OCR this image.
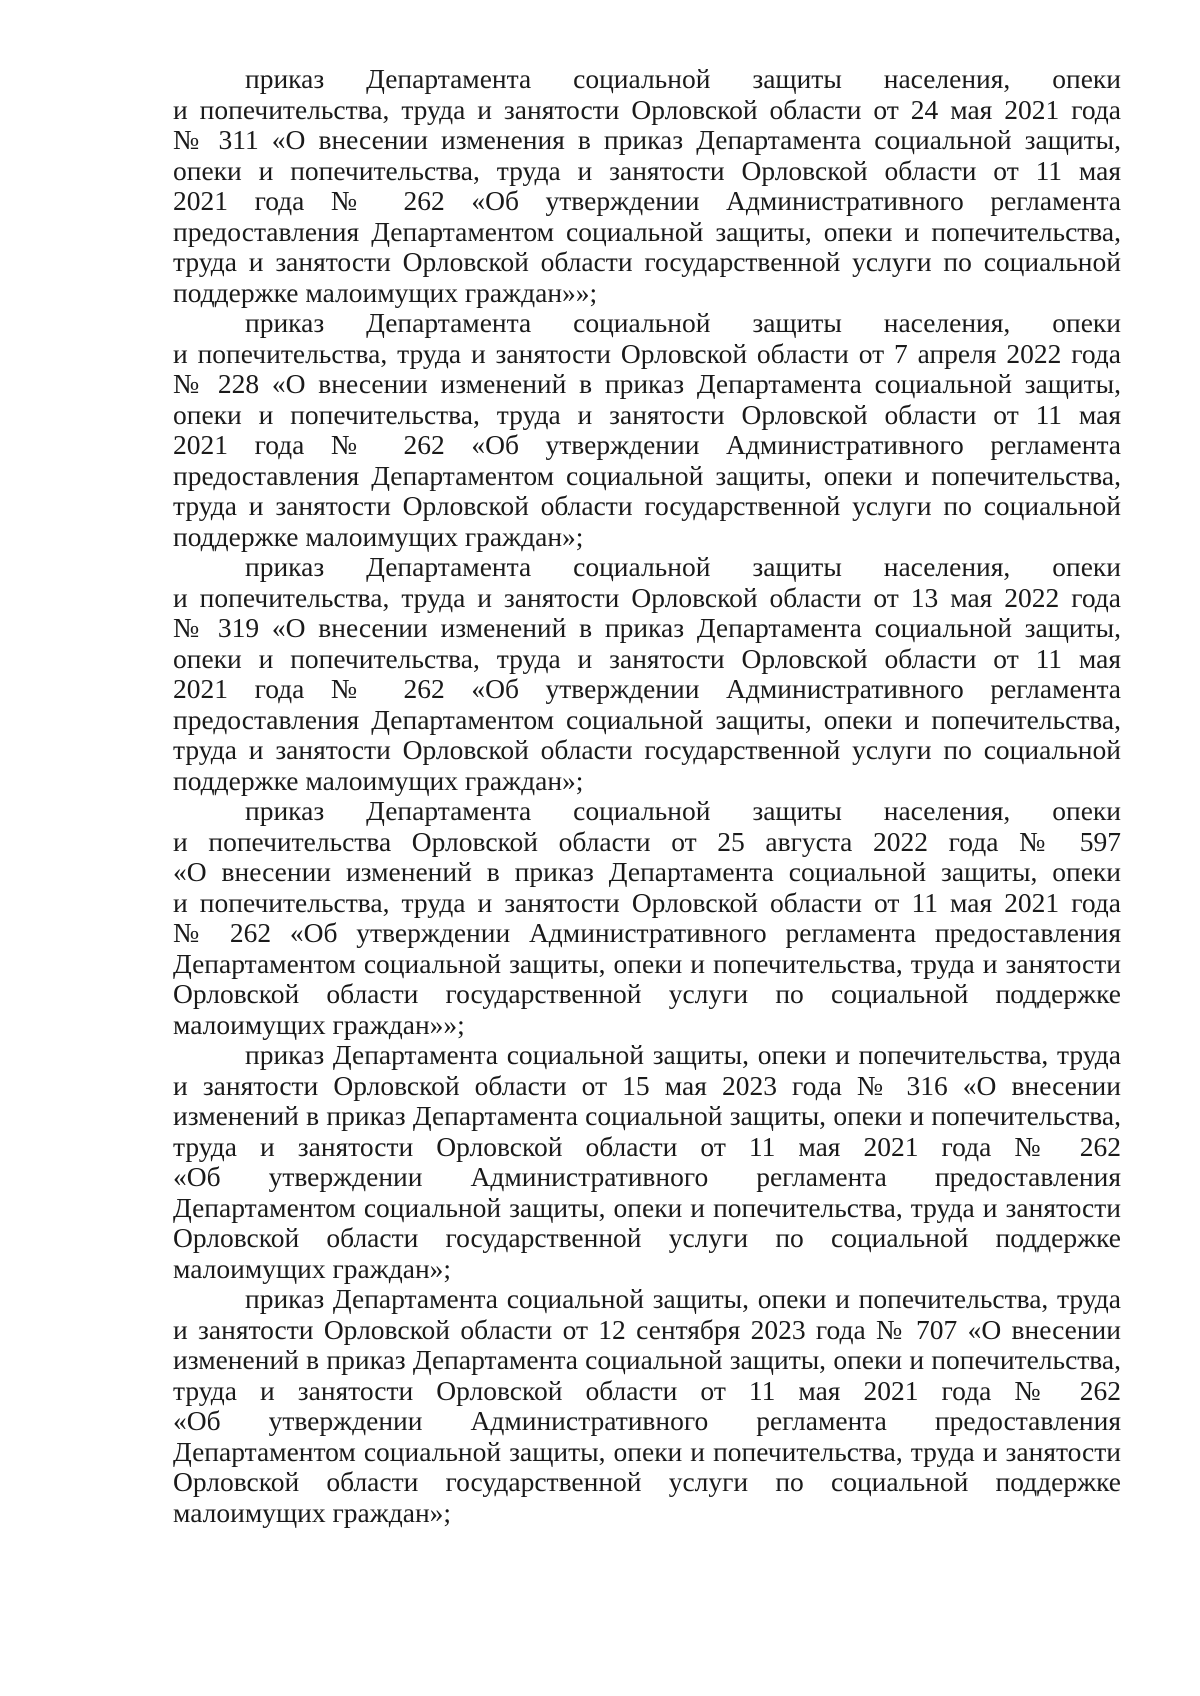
приказ Департамента социальной защиты населения, опеки
и попечительства, труда и занятости Орловской области от 24 мая 2021 года
№ 311 «О внесении изменения в приказ Департамента социальной защиты,
опеки и попечительства, труда и занятости Орловской области от 11 мая
2021 года № 262 «Об утверждении Административного регламента
предоставления Департаментом социальной защиты, опеки и попечительства,
труда и занятости Орловской области государственной услуги по социальной
поддержке малоимущих граждан»»;
приказ Департамента социальной защиты населения, опеки
и попечительства, труда и занятости Орловской области от 7 апреля 2022 года
№ 228 «О внесении изменений в приказ Департамента социальной защиты,
опеки и попечительства, труда и занятости Орловской области от 11 мая
2021 года № 262 «Об утверждении Административного регламента
предоставления Департаментом социальной защиты, опеки и попечительства,
труда и занятости Орловской области государственной услуги по социальной
поддержке малоимущих граждан»;
приказ Департамента социальной защиты населения, опеки
и попечительства, труда и занятости Орловской области от 13 мая 2022 года
№ 319 «О внесении изменений в приказ Департамента социальной защиты,
опеки и попечительства, труда и занятости Орловской области от 11 мая
2021 года № 262 «Об утверждении Административного регламента
предоставления Департаментом социальной защиты, опеки и попечительства,
труда и занятости Орловской области государственной услуги по социальной
поддержке малоимущих граждан»;
приказ Департамента социальной защиты населения, опеки
и попечительства Орловской области от 25 августа 2022 года № 597
«О внесении изменений в приказ Департамента социальной защиты, опеки
и попечительства, труда и занятости Орловской области от 11 мая 2021 года
№ 262 «Об утверждении Административного регламента предоставления
Департаментом социальной защиты, опеки и попечительства, труда и занятости
Орловской области государственной услуги по социальной поддержке
малоимущих граждан»»;
приказ Департамента социальной защиты, опеки и попечительства, труда
и занятости Орловской области от 15 мая 2023 года № 316 «О внесении
изменений в приказ Департамента социальной защиты, опеки и попечительства,
труда и занятости Орловской области от 11 мая 2021 года № 262
«Об утверждении Административного регламента предоставления
Департаментом социальной защиты, опеки и попечительства, труда и занятости
Орловской области государственной услуги по социальной поддержке
малоимущих граждан»;
приказ Департамента социальной защиты, опеки и попечительства, труда
и занятости Орловской области от 12 сентября 2023 года № 707 «О внесении
изменений в приказ Департамента социальной защиты, опеки и попечительства,
труда и занятости Орловской области от 11 мая 2021 года № 262
«Об утверждении Административного регламента предоставления
Департаментом социальной защиты, опеки и попечительства, труда и занятости
Орловской области государственной услуги по социальной поддержке
малоимущих граждан»;
